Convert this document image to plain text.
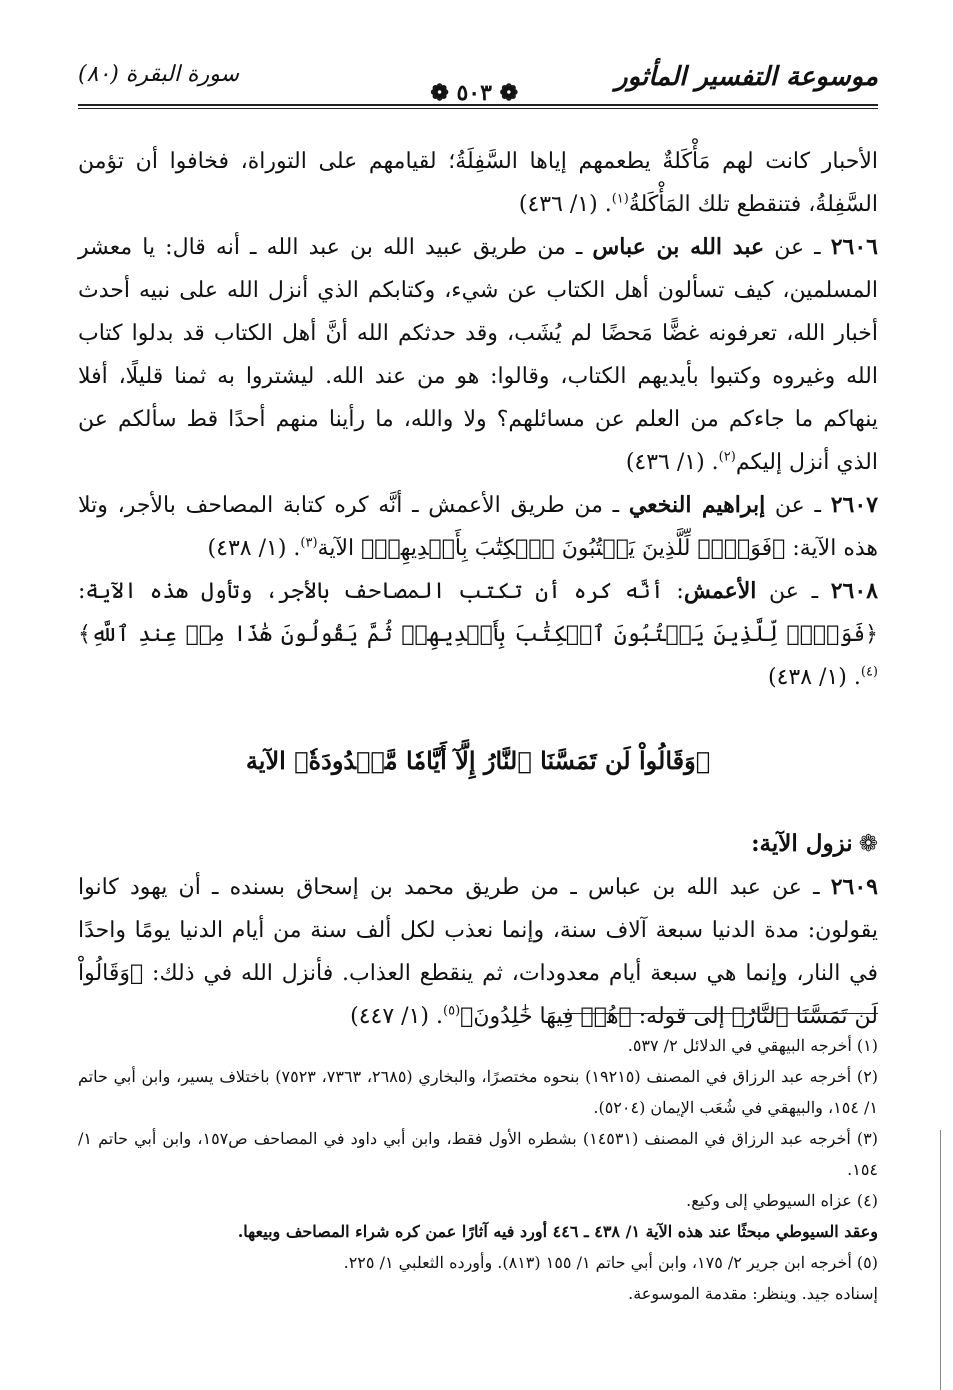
موسوعة التفسير المأثور
❁ ٥٠٣ ❁
سورة البقرة (٨٠)

الأحبار كانت لهم مَأْكَلةٌ يطعمهم إياها السَّفِلَةُ؛ لقيامهم على التوراة، فخافوا أن تؤمن السَّفِلةُ، فتنقطع تلك المَأْكَلةُ$^{(١)}$. (١/ ٤٣٦)

٢٦٠٦ ـ عن عبد الله بن عباس ـ من طريق عبيد الله بن عبد الله ـ أنه قال: يا معشر المسلمين، كيف تسألون أهل الكتاب عن شيء، وكتابكم الذي أنزل الله على نبيه أحدث أخبار الله، تعرفونه غضًّا مَحضًا لم يُشَب، وقد حدثكم الله أنَّ أهل الكتاب قد بدلوا كتاب الله وغيروه وكتبوا بأيديهم الكتاب، وقالوا: هو من عند الله. ليشتروا به ثمنا قليلًا، أفلا ينهاكم ما جاءكم من العلم عن مسائلهم؟ ولا والله، ما رأينا منهم أحدًا قط سألكم عن الذي أنزل إليكم$^{(٢)}$. (١/ ٤٣٦)

٢٦٠٧ ـ عن إبراهيم النخعي ـ من طريق الأعمش ـ أنَّه كره كتابة المصاحف بالأجر، وتلا هذه الآية: ﴿فَوَيۡلٞ لِّلَّذِينَ يَكۡتُبُونَ ٱلۡكِتَٰبَ بِأَيۡدِيهِمۡ﴾ الآية$^{(٣)}$. (١/ ٤٣٨)

٢٦٠٨ ـ عن الأعمش: أنَّه كره أن تكتب المصاحف بالأجر، وتأول هذه الآية: ﴿فَوَيۡلٞ لِّلَّذِينَ يَكۡتُبُونَ ٱلۡكِتَٰبَ بِأَيۡدِيهِمۡ ثُمَّ يَقُولُونَ هَٰذَا مِنۡ عِندِ ٱللَّهِ﴾$^{(٤)}$. (١/ ٤٣٨)

﴿وَقَالُواْ لَن تَمَسَّنَا ٱلنَّارُ إِلَّآ أَيَّامٗا مَّعۡدُودَةٗ﴾ الآية

❁نزول الآية:

٢٦٠٩ ـ عن عبد الله بن عباس ـ من طريق محمد بن إسحاق بسنده ـ أن يهود كانوا يقولون: مدة الدنيا سبعة آلاف سنة، وإنما نعذب لكل ألف سنة من أيام الدنيا يومًا واحدًا في النار، وإنما هي سبعة أيام معدودات، ثم ينقطع العذاب. فأنزل الله في ذلك: ﴿وَقَالُواْ لَن تَمَسَّنَا ٱلنَّارُ﴾ إلى قوله: ﴿هُمۡ فِيهَا خَٰلِدُونَ﴾$^{(٥)}$. (١/ ٤٤٧)

(١) أخرجه البيهقي في الدلائل ٢/ ٥٣٧.

(٢) أخرجه عبد الرزاق في المصنف (١٩٢١٥) بنحوه مختصرًا، والبخاري (٢٦٨٥، ٧٣٦٣، ٧٥٢٣) باختلاف يسير، وابن أبي حاتم ١/ ١٥٤، والبيهقي في شُعَب الإيمان (٥٢٠٤).

(٣) أخرجه عبد الرزاق في المصنف (١٤٥٣١) بشطره الأول فقط، وابن أبي داود في المصاحف ص١٥٧، وابن أبي حاتم ١/ ١٥٤.

(٤) عزاه السيوطي إلى وكيع.

وعقد السيوطي مبحثًا عند هذه الآية ١/ ٤٣٨ ـ ٤٤٦ أورد فيه آثارًا عمن كره شراء المصاحف وبيعها.

(٥) أخرجه ابن جرير ٢/ ١٧٥، وابن أبي حاتم ١/ ١٥٥ (٨١٣). وأورده الثعلبي ١/ ٢٢٥.

إسناده جيد. وينظر: مقدمة الموسوعة.
